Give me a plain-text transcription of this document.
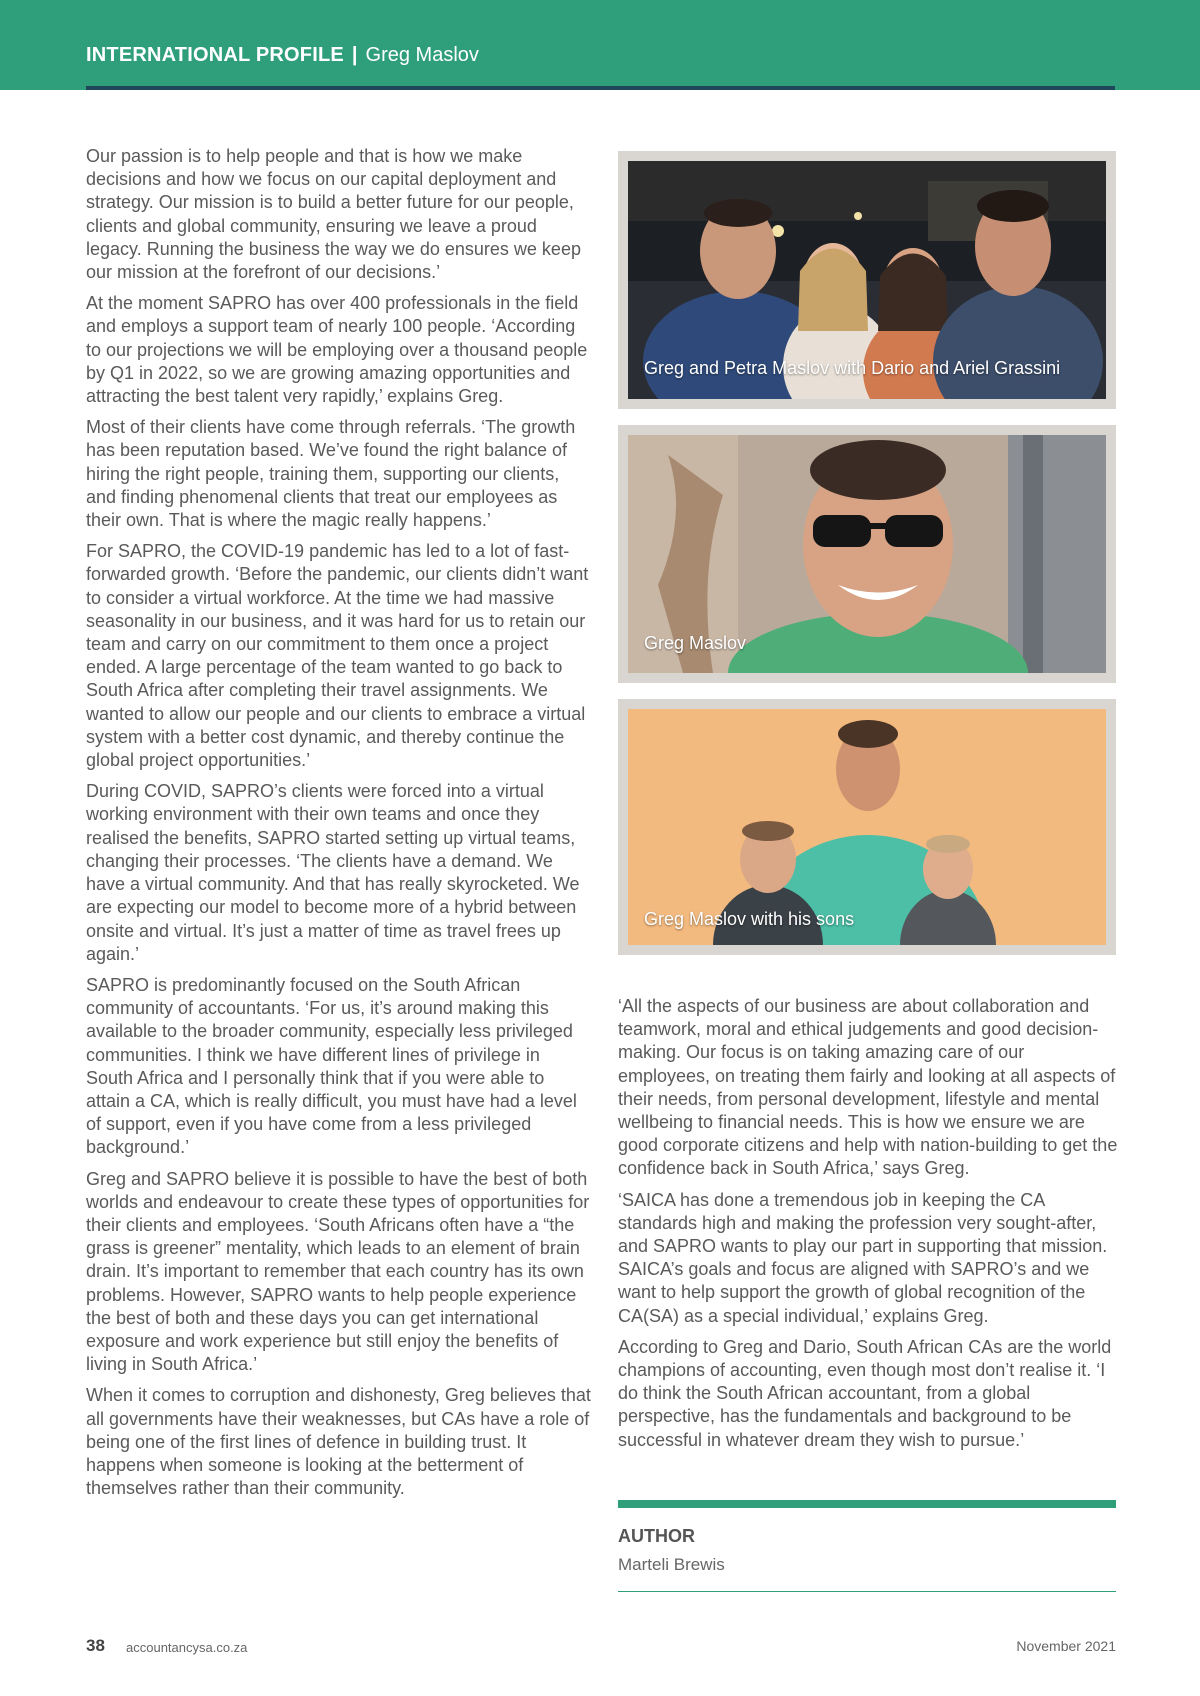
INTERNATIONAL PROFILE | Greg Maslov

Our passion is to help people and that is how we make decisions and how we focus on our capital deployment and strategy. Our mission is to build a better future for our people, clients and global community, ensuring we leave a proud legacy. Running the business the way we do ensures we keep our mission at the forefront of our decisions.’

At the moment SAPRO has over 400 professionals in the field and employs a support team of nearly 100 people. ‘According to our projections we will be employing over a thousand people by Q1 in 2022, so we are growing amazing opportunities and attracting the best talent very rapidly,’ explains Greg.

Most of their clients have come through referrals. ‘The growth has been reputation based. We’ve found the right balance of hiring the right people, training them, supporting our clients, and finding phenomenal clients that treat our employees as their own. That is where the magic really happens.’

For SAPRO, the COVID-19 pandemic has led to a lot of fast-forwarded growth. ‘Before the pandemic, our clients didn’t want to consider a virtual workforce. At the time we had massive seasonality in our business, and it was hard for us to retain our team and carry on our commitment to them once a project ended. A large percentage of the team wanted to go back to South Africa after completing their travel assignments. We wanted to allow our people and our clients to embrace a virtual system with a better cost dynamic, and thereby continue the global project opportunities.’

During COVID, SAPRO’s clients were forced into a virtual working environment with their own teams and once they realised the benefits, SAPRO started setting up virtual teams, changing their processes. ‘The clients have a demand. We have a virtual community. And that has really skyrocketed. We are expecting our model to become more of a hybrid between onsite and virtual. It’s just a matter of time as travel frees up again.’

SAPRO is predominantly focused on the South African community of accountants. ‘For us, it’s around making this available to the broader community, especially less privileged communities. I think we have different lines of privilege in South Africa and I personally think that if you were able to attain a CA, which is really difficult, you must have had a level of support, even if you have come from a less privileged background.’

Greg and SAPRO believe it is possible to have the best of both worlds and endeavour to create these types of opportunities for their clients and employees. ‘South Africans often have a “the grass is greener” mentality, which leads to an element of brain drain. It’s important to remember that each country has its own problems. However, SAPRO wants to help people experience the best of both and these days you can get international exposure and work experience but still enjoy the benefits of living in South Africa.’

When it comes to corruption and dishonesty, Greg believes that all governments have their weaknesses, but CAs have a role of being one of the first lines of defence in building trust. It happens when someone is looking at the betterment of themselves rather than their community.

Greg and Petra Maslov with Dario and Ariel Grassini
Greg Maslov
Greg Maslov with his sons

‘All the aspects of our business are about collaboration and teamwork, moral and ethical judgements and good decision-making. Our focus is on taking amazing care of our employees, on treating them fairly and looking at all aspects of their needs, from personal development, lifestyle and mental wellbeing to financial needs. This is how we ensure we are good corporate citizens and help with nation-building to get the confidence back in South Africa,’ says Greg.

‘SAICA has done a tremendous job in keeping the CA standards high and making the profession very sought-after, and SAPRO wants to play our part in supporting that mission. SAICA’s goals and focus are aligned with SAPRO’s and we want to help support the growth of global recognition of the CA(SA) as a special individual,’ explains Greg.

According to Greg and Dario, South African CAs are the world champions of accounting, even though most don’t realise it. ‘I do think the South African accountant, from a global perspective, has the fundamentals and background to be successful in whatever dream they wish to pursue.’

AUTHOR
Marteli Brewis
38 accountancysa.co.za	November 2021
